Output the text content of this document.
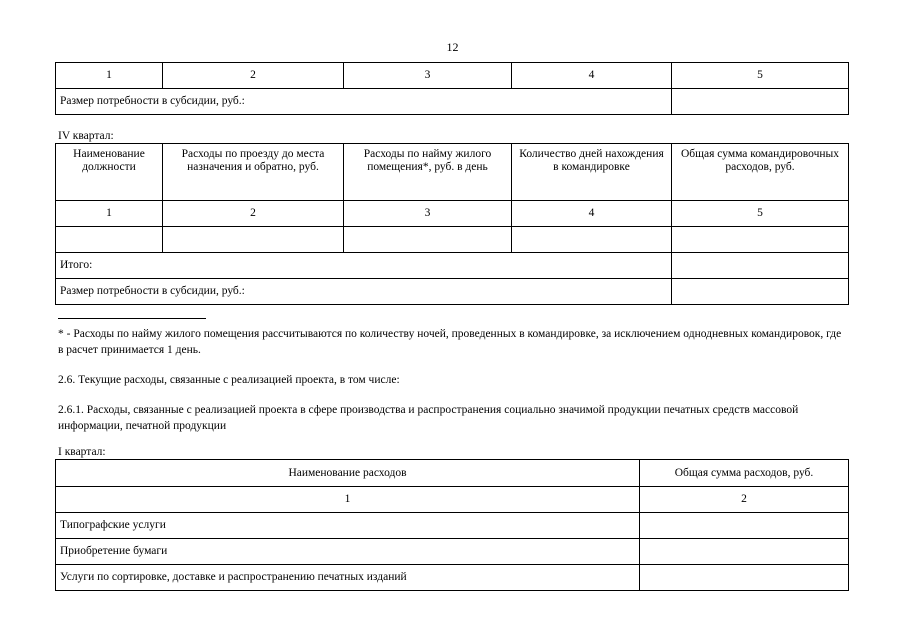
12
1	2	3	4	5
Размер потребности в субсидии, руб.:				
IV квартал:
Наименование должности	Расходы по проезду до места назначения и обратно, руб.	Расходы по найму жилого помещения*, руб. в день	Количество дней нахождения в командировке	Общая сумма командировочных расходов, руб.
1	2	3	4	5

Итого:				
Размер потребности в субсидии, руб.:				
* - Расходы по найму жилого помещения рассчитываются по количеству ночей, проведенных в командировке, за исключением однодневных командировок, где в расчет принимается 1 день.
2.6. Текущие расходы, связанные с реализацией проекта, в том числе:
2.6.1. Расходы, связанные с реализацией проекта в сфере производства и распространения социально значимой продукции печатных средств массовой информации, печатной продукции
I квартал:
Наименование расходов	Общая сумма расходов, руб.
1	2
Типографские услуги	
Приобретение бумаги	
Услуги по сортировке, доставке и распространению печатных изданий	
